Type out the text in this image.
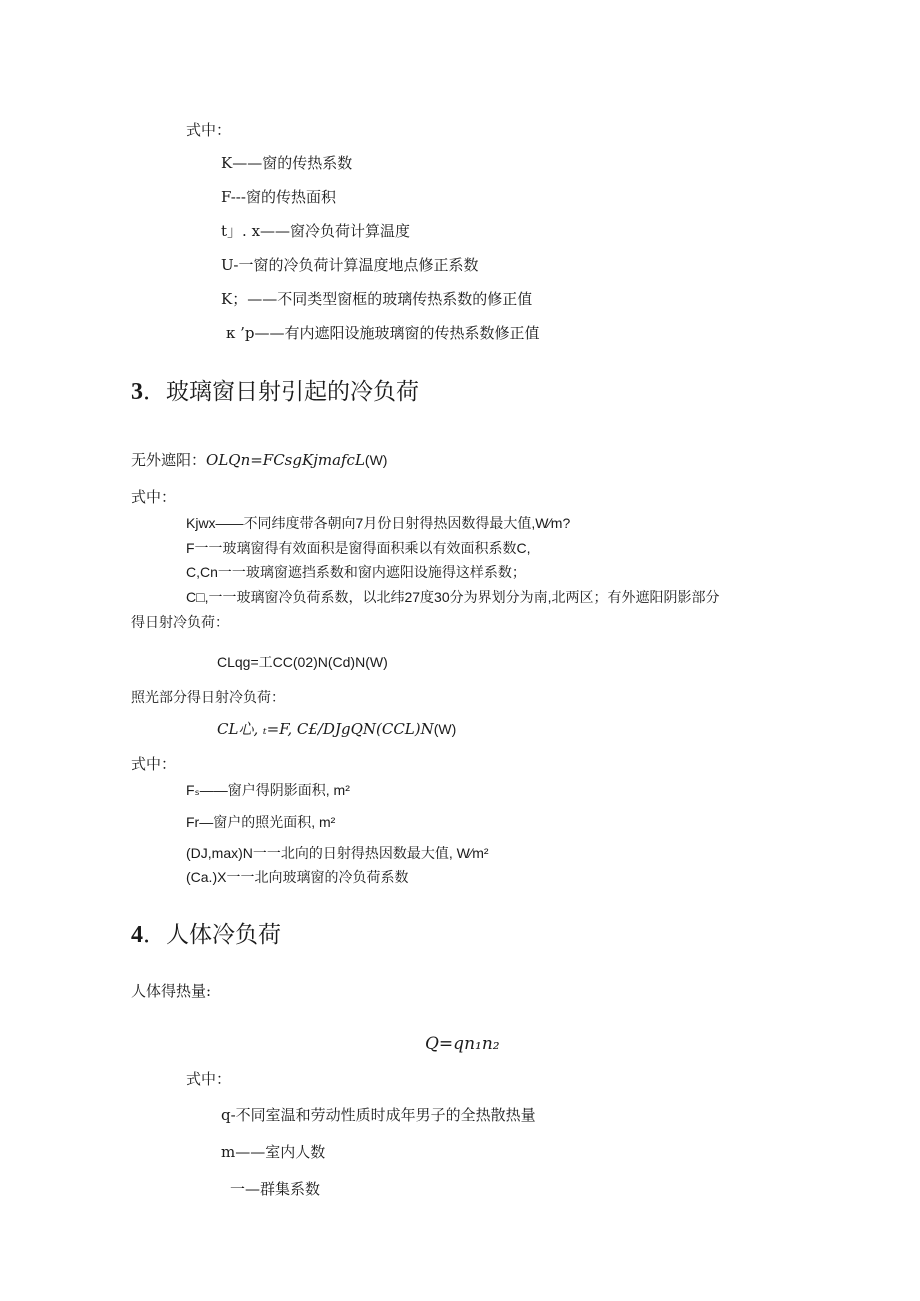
式中：
K——窗的传热系数
F---窗的传热面积
t」. x——窗冷负荷计算温度
U-一窗的冷负荷计算温度地点修正系数
K；——不同类型窗框的玻璃传热系数的修正值
κ ’p——有内遮阳设施玻璃窗的传热系数修正值
3．玻璃窗日射引起的冷负荷
无外遮阳：OLQn=FCsgKjmafcL(W)
式中：
Kjwx——不同纬度带各朝向7月份日射得热因数得最大值,W∕m?
F一一玻璃窗得有效面积是窗得面积乘以有效面积系数C,
C,Cn一一玻璃窗遮挡系数和窗内遮阳设施得这样系数；
C□,一一玻璃窗冷负荷系数，以北纬27度30分为界划分为南,北两区；有外遮阳阴影部分
得日射冷负荷：
CLqg=工CC(02)N(Cd)N(W)
照光部分得日射冷负荷：
CL心, ₜ=F, C£/DJgQN(CCL)N(W)
式中：
Fₛ——窗户得阴影面积, m²
Fr—窗户的照光面积, m²
(DJ,max)N一一北向的日射得热因数最大值, W∕m²
(Ca.)X一一北向玻璃窗的冷负荷系数
4．人体冷负荷
人体得热量:
Q=qn₁n₂
式中：
q-不同室温和劳动性质时成年男子的全热散热量
m——室内人数
一—群集系数
